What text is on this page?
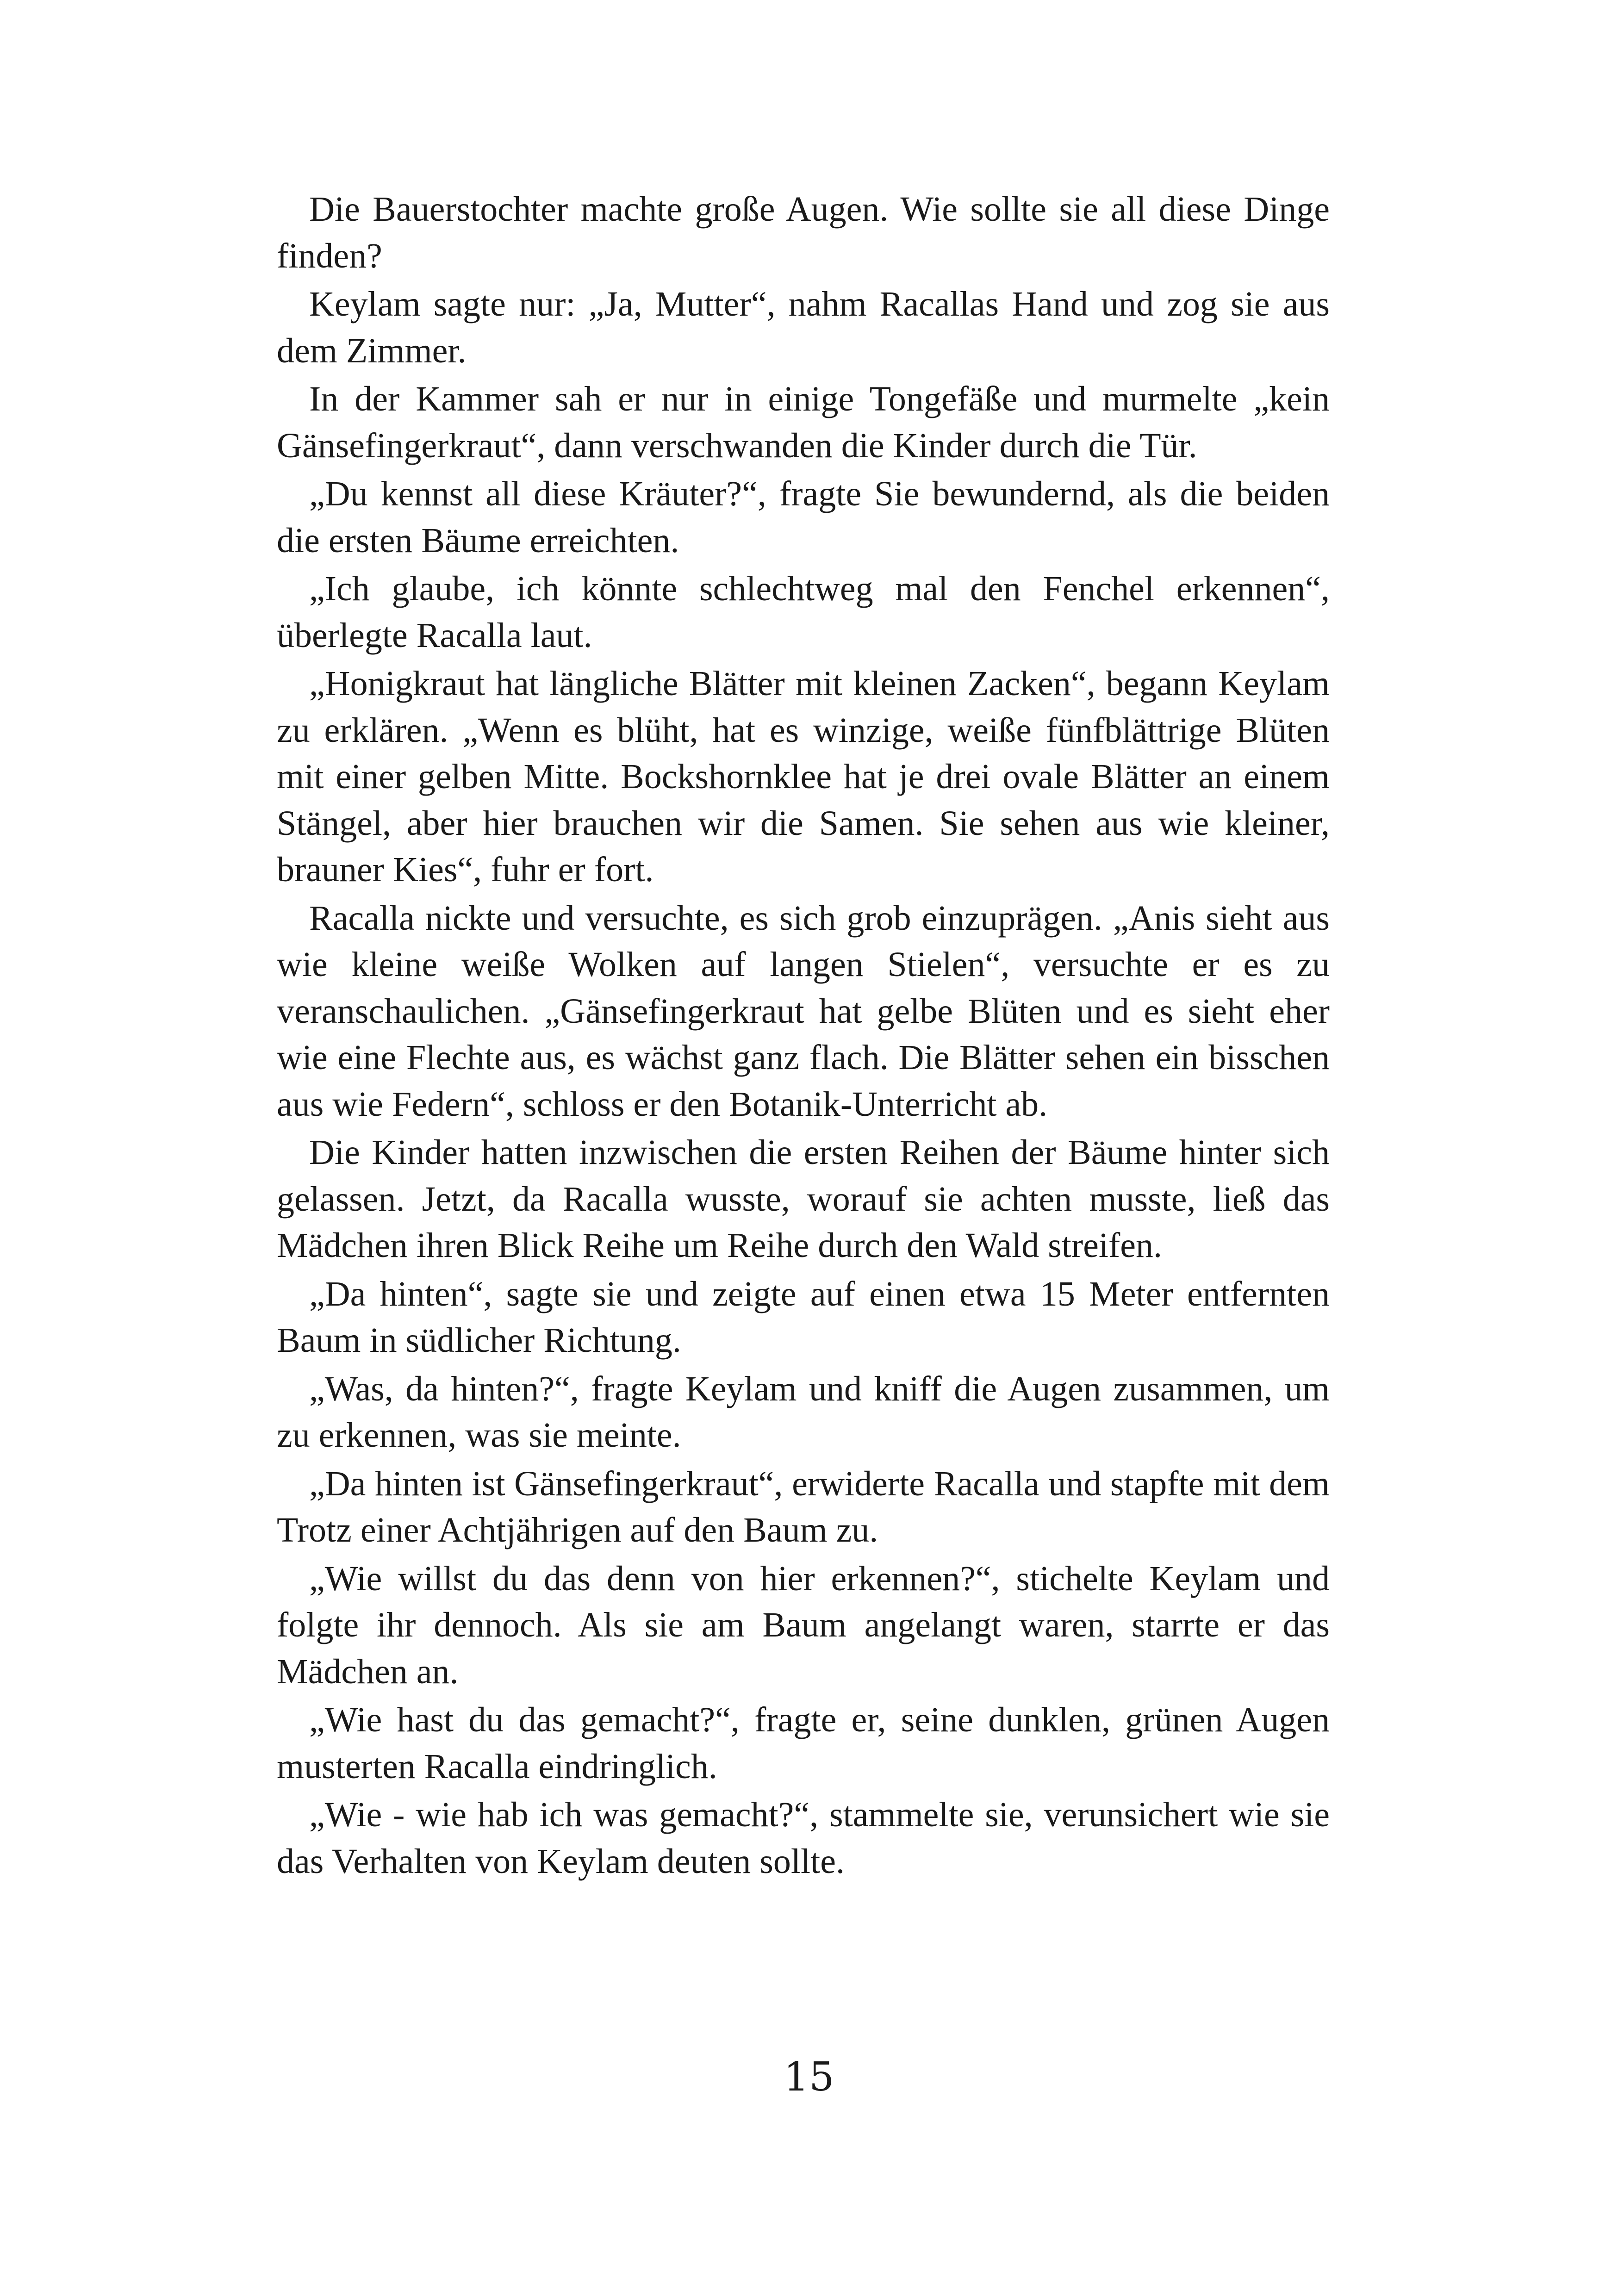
Die Bauerstochter machte große Augen. Wie sollte sie all diese Dinge finden?

Keylam sagte nur: „Ja, Mutter“, nahm Racallas Hand und zog sie aus dem Zimmer.

In der Kammer sah er nur in einige Tongefäße und murmelte „kein Gänsefingerkraut“, dann verschwanden die Kinder durch die Tür.

„Du kennst all diese Kräuter?“, fragte Sie bewundernd, als die beiden die ersten Bäume erreichten.

„Ich glaube, ich könnte schlechtweg mal den Fenchel erkennen“, überlegte Racalla laut.

„Honigkraut hat längliche Blätter mit kleinen Zacken“, begann Keylam zu erklären. „Wenn es blüht, hat es winzige, weiße fünfblättrige Blüten mit einer gelben Mitte. Bockshornklee hat je drei ovale Blätter an einem Stängel, aber hier brauchen wir die Samen. Sie sehen aus wie kleiner, brauner Kies“, fuhr er fort.

Racalla nickte und versuchte, es sich grob einzuprägen. „Anis sieht aus wie kleine weiße Wolken auf langen Stielen“, versuchte er es zu veranschaulichen. „Gänsefingerkraut hat gelbe Blüten und es sieht eher wie eine Flechte aus, es wächst ganz flach. Die Blätter sehen ein bisschen aus wie Federn“, schloss er den Botanik-Unterricht ab.

Die Kinder hatten inzwischen die ersten Reihen der Bäume hinter sich gelassen. Jetzt, da Racalla wusste, worauf sie achten musste, ließ das Mädchen ihren Blick Reihe um Reihe durch den Wald streifen.

„Da hinten“, sagte sie und zeigte auf einen etwa 15 Meter entfernten Baum in südlicher Richtung.

„Was, da hinten?“, fragte Keylam und kniff die Augen zusammen, um zu erkennen, was sie meinte.

„Da hinten ist Gänsefingerkraut“, erwiderte Racalla und stapfte mit dem Trotz einer Achtjährigen auf den Baum zu.

„Wie willst du das denn von hier erkennen?“, stichelte Keylam und folgte ihr dennoch. Als sie am Baum angelangt waren, starrte er das Mädchen an.

„Wie hast du das gemacht?“, fragte er, seine dunklen, grünen Augen musterten Racalla eindringlich.

„Wie - wie hab ich was gemacht?“, stammelte sie, verunsichert wie sie das Verhalten von Keylam deuten sollte.

15
